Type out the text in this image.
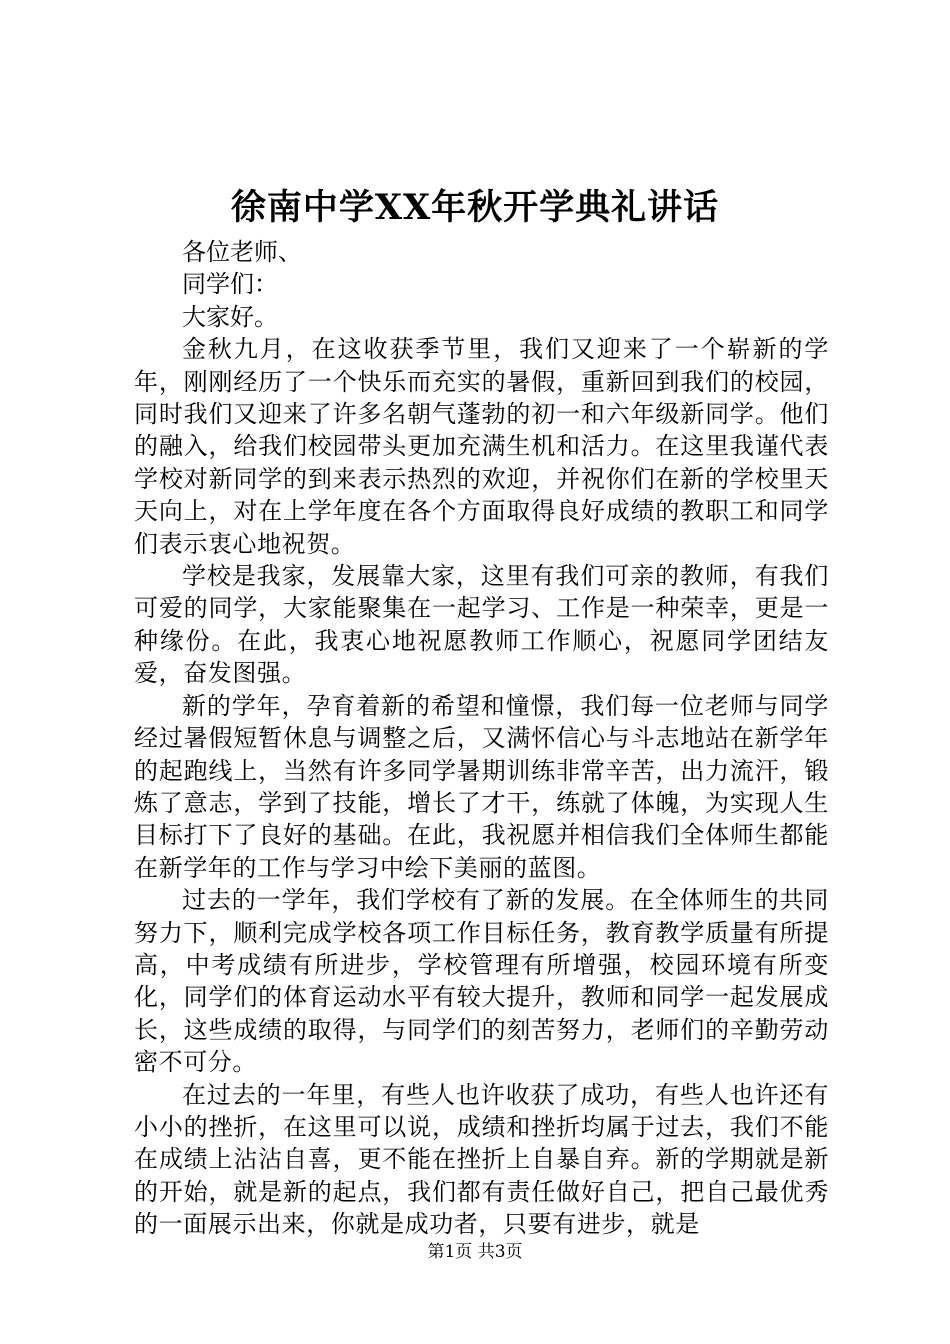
徐南中学XX年秋开学典礼讲话

各位老师、

同学们：

大家好。

金秋九月，在这收获季节里，我们又迎来了一个崭新的学年，刚刚经历了一个快乐而充实的暑假，重新回到我们的校园，同时我们又迎来了许多名朝气蓬勃的初一和六年级新同学。他们的融入，给我们校园带头更加充满生机和活力。在这里我谨代表学校对新同学的到来表示热烈的欢迎，并祝你们在新的学校里天天向上，对在上学年度在各个方面取得良好成绩的教职工和同学们表示衷心地祝贺。

学校是我家，发展靠大家，这里有我们可亲的教师，有我们可爱的同学，大家能聚集在一起学习、工作是一种荣幸，更是一种缘份。在此，我衷心地祝愿教师工作顺心，祝愿同学团结友爱，奋发图强。

新的学年，孕育着新的希望和憧憬，我们每一位老师与同学经过暑假短暂休息与调整之后，又满怀信心与斗志地站在新学年的起跑线上，当然有许多同学暑期训练非常辛苦，出力流汗，锻炼了意志，学到了技能，增长了才干，练就了体魄，为实现人生目标打下了良好的基础。在此，我祝愿并相信我们全体师生都能在新学年的工作与学习中绘下美丽的蓝图。

过去的一学年，我们学校有了新的发展。在全体师生的共同努力下，顺利完成学校各项工作目标任务，教育教学质量有所提高，中考成绩有所进步，学校管理有所增强，校园环境有所变化，同学们的体育运动水平有较大提升，教师和同学一起发展成长，这些成绩的取得，与同学们的刻苦努力，老师们的辛勤劳动密不可分。

在过去的一年里，有些人也许收获了成功，有些人也许还有小小的挫折，在这里可以说，成绩和挫折均属于过去，我们不能在成绩上沾沾自喜，更不能在挫折上自暴自弃。新的学期就是新的开始，就是新的起点，我们都有责任做好自己，把自己最优秀的一面展示出来，你就是成功者，只要有进步，就是

第1页 共3页
